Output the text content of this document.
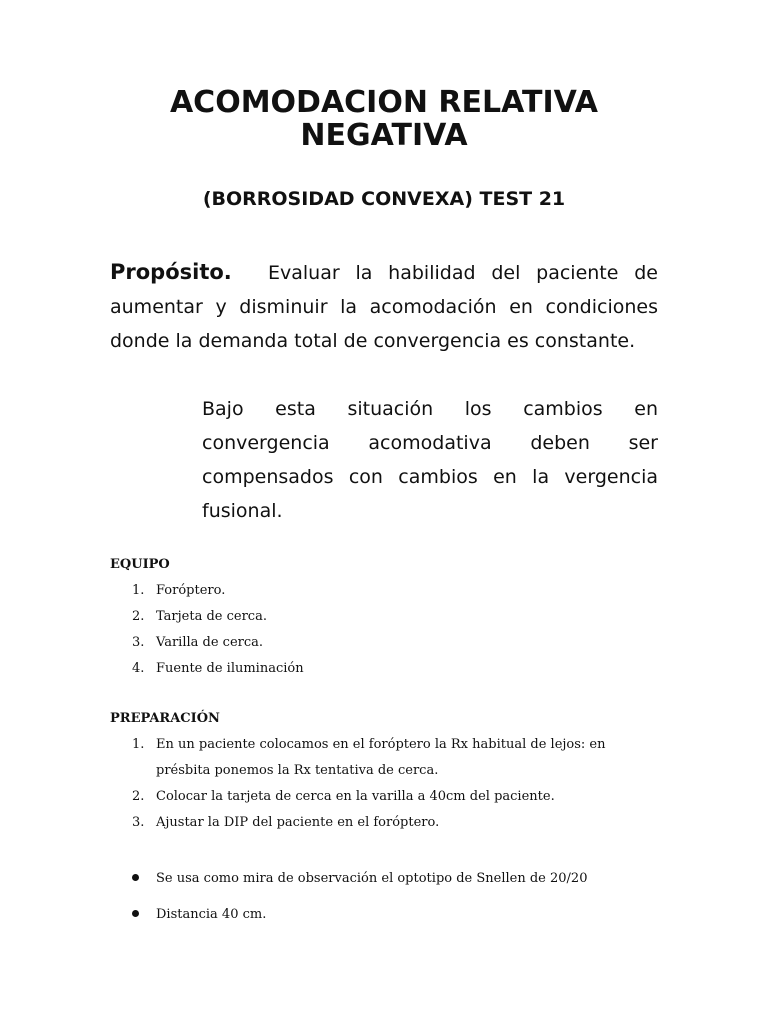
ACOMODACION RELATIVA
NEGATIVA
(BORROSIDAD CONVEXA) TEST 21
Propósito.	Evaluar la habilidad del paciente de aumentar y disminuir la acomodación en condiciones donde la demanda total de convergencia es constante.

Bajo esta situación los cambios en convergencia acomodativa deben ser compensados con cambios en la vergencia fusional.

EQUIPO
1. Foróptero.
2. Tarjeta de cerca.
3. Varilla de cerca.
4. Fuente de iluminación
PREPARACIÓN
1. En un paciente colocamos en el foróptero la Rx habitual de lejos: en présbita ponemos la Rx tentativa de cerca.
2. Colocar la tarjeta de cerca en la varilla a 40cm del paciente.
3. Ajustar la DIP del paciente en el foróptero.
Se usa como mira de observación el optotipo de Snellen de 20/20
Distancia 40 cm.
